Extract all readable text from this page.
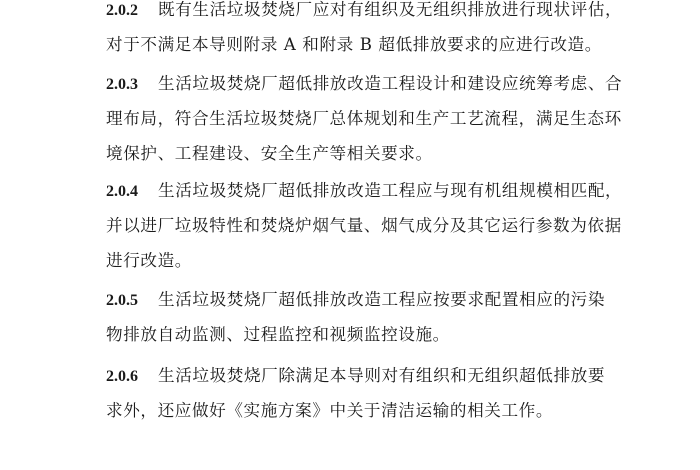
2.0.2 既有生活垃圾焚烧厂应对有组织及无组织排放进行现状评估，
对于不满足本导则附录 A 和附录 B 超低排放要求的应进行改造。
2.0.3 生活垃圾焚烧厂超低排放改造工程设计和建设应统筹考虑、合
理布局，符合生活垃圾焚烧厂总体规划和生产工艺流程，满足生态环
境保护、工程建设、安全生产等相关要求。
2.0.4 生活垃圾焚烧厂超低排放改造工程应与现有机组规模相匹配，
并以进厂垃圾特性和焚烧炉烟气量、烟气成分及其它运行参数为依据
进行改造。
2.0.5 生活垃圾焚烧厂超低排放改造工程应按要求配置相应的污染
物排放自动监测、过程监控和视频监控设施。
2.0.6 生活垃圾焚烧厂除满足本导则对有组织和无组织超低排放要
求外，还应做好《实施方案》中关于清洁运输的相关工作。
